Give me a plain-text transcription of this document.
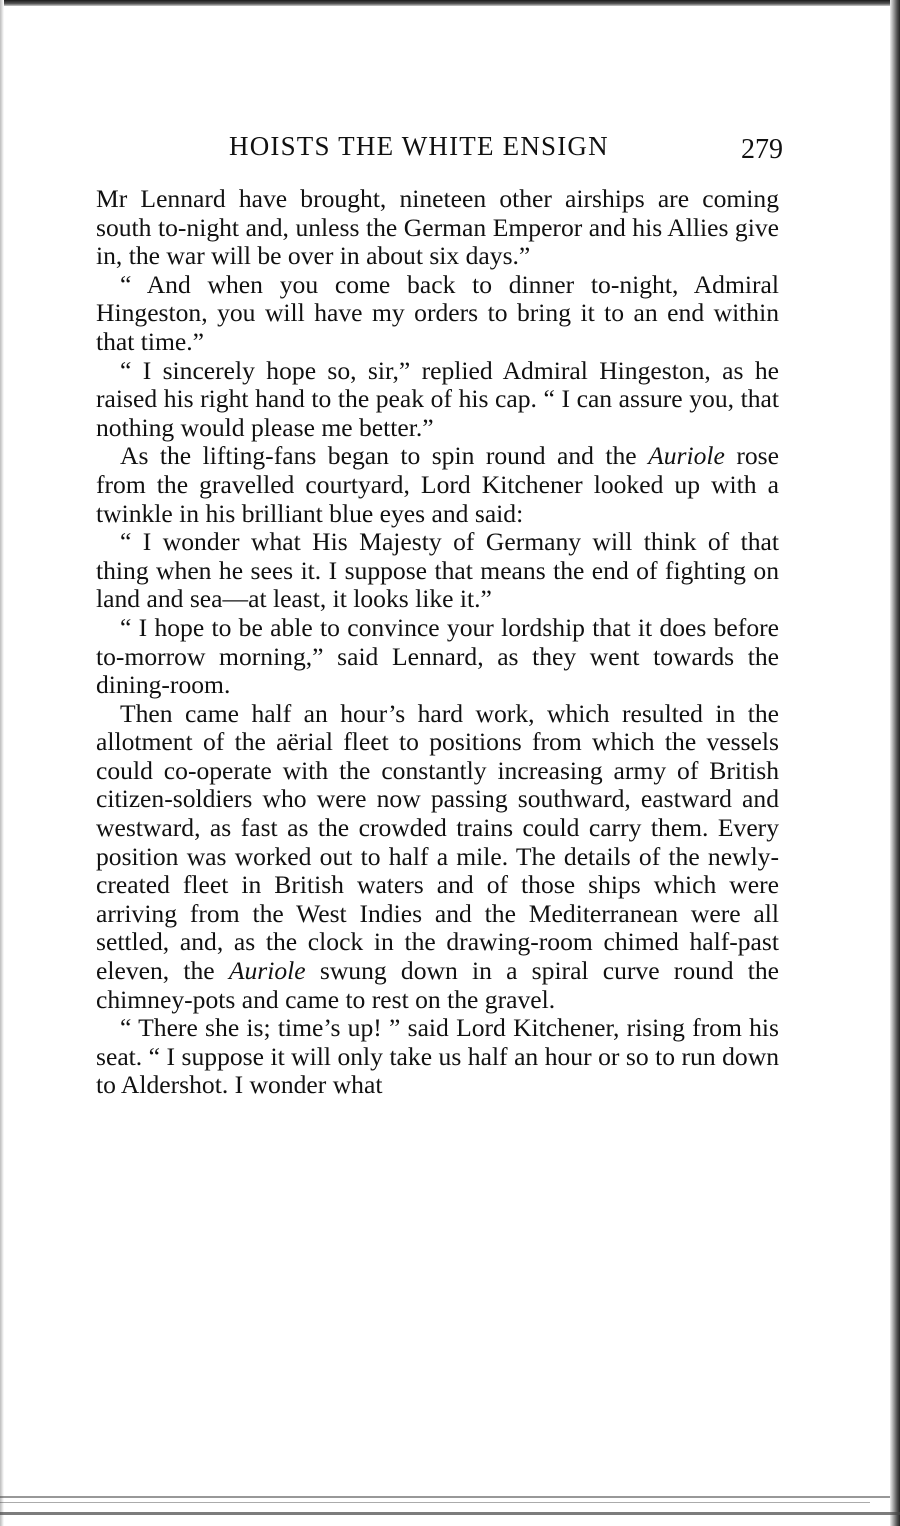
HOISTS THE WHITE ENSIGN	279

Mr Lennard have brought, nineteen other airships are coming south to-night and, unless the German Emperor and his Allies give in, the war will be over in about six days.”

“ And when you come back to dinner to-night, Admiral Hingeston, you will have my orders to bring it to an end within that time.”

“ I sincerely hope so, sir,” replied Admiral Hingeston, as he raised his right hand to the peak of his cap. “ I can assure you, that nothing would please me better.”

As the lifting-fans began to spin round and the Auriole rose from the gravelled courtyard, Lord Kitchener looked up with a twinkle in his brilliant blue eyes and said:

“ I wonder what His Majesty of Germany will think of that thing when he sees it. I suppose that means the end of fighting on land and sea—at least, it looks like it.”

“ I hope to be able to convince your lordship that it does before to-morrow morning,” said Lennard, as they went towards the dining-room.

Then came half an hour’s hard work, which resulted in the allotment of the aërial fleet to positions from which the vessels could co-operate with the constantly increasing army of British citizen-soldiers who were now passing southward, eastward and westward, as fast as the crowded trains could carry them. Every position was worked out to half a mile. The details of the newly-created fleet in British waters and of those ships which were arriving from the West Indies and the Mediterranean were all settled, and, as the clock in the drawing-room chimed half-past eleven, the Auriole swung down in a spiral curve round the chimney-pots and came to rest on the gravel.

“ There she is; time’s up! ” said Lord Kitchener, rising from his seat. “ I suppose it will only take us half an hour or so to run down to Aldershot. I wonder what
